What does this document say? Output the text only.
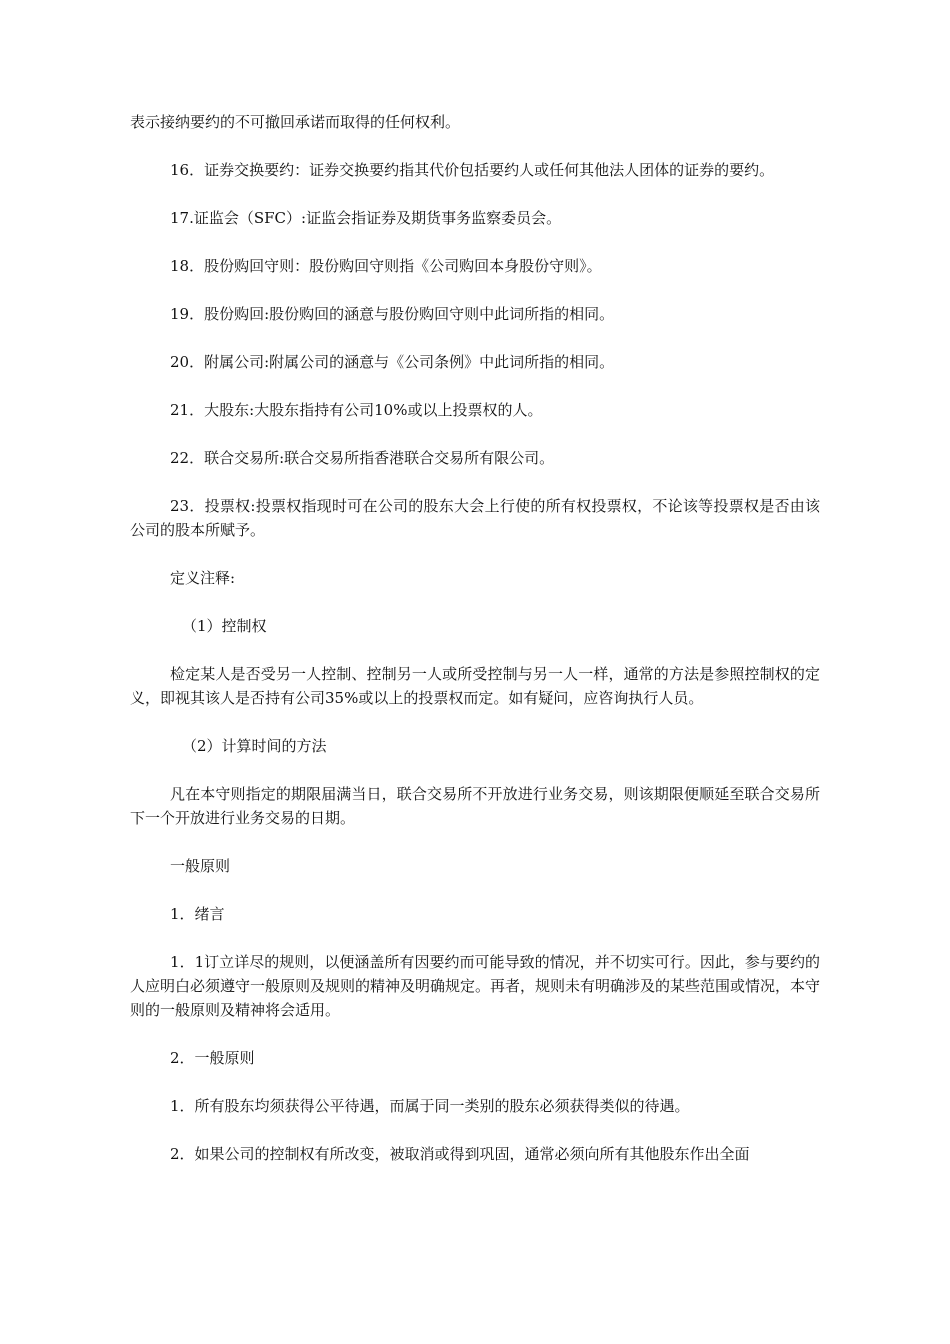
表示接纳要约的不可撤回承诺而取得的任何权利。

16．证券交换要约：证券交换要约指其代价包括要约人或任何其他法人团体的证券的要约。

17.证监会（SFC）:证监会指证券及期货事务监察委员会。

18．股份购回守则：股份购回守则指《公司购回本身股份守则》。

19．股份购回:股份购回的涵意与股份购回守则中此词所指的相同。

20．附属公司:附属公司的涵意与《公司条例》中此词所指的相同。

21．大股东:大股东指持有公司10%或以上投票权的人。

22．联合交易所:联合交易所指香港联合交易所有限公司。

23．投票权:投票权指现时可在公司的股东大会上行使的所有权投票权，不论该等投票权是否由该公司的股本所赋予。

定义注释:

（1）控制权

检定某人是否受另一人控制、控制另一人或所受控制与另一人一样，通常的方法是参照控制权的定义，即视其该人是否持有公司35%或以上的投票权而定。如有疑问，应咨询执行人员。

（2）计算时间的方法

凡在本守则指定的期限届满当日，联合交易所不开放进行业务交易，则该期限便顺延至联合交易所下一个开放进行业务交易的日期。

一般原则

1．绪言

1．1订立详尽的规则，以便涵盖所有因要约而可能导致的情况，并不切实可行。因此，参与要约的人应明白必须遵守一般原则及规则的精神及明确规定。再者，规则未有明确涉及的某些范围或情况，本守则的一般原则及精神将会适用。

2．一般原则

1．所有股东均须获得公平待遇，而属于同一类别的股东必须获得类似的待遇。

2．如果公司的控制权有所改变，被取消或得到巩固，通常必须向所有其他股东作出全面
